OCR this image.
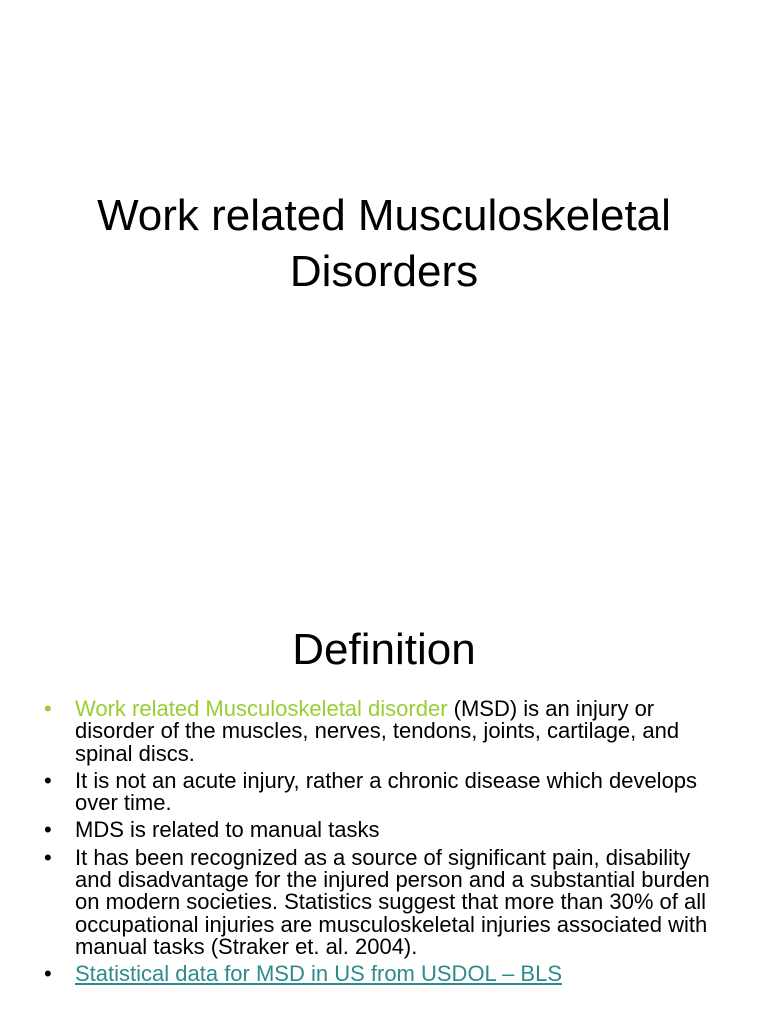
Work related Musculoskeletal
Disorders
Definition
• Work related Musculoskeletal disorder (MSD) is an injury or disorder of the muscles, nerves, tendons, joints, cartilage, and spinal discs.
• It is not an acute injury, rather a chronic disease which develops over time.
• MDS is related to manual tasks
• It has been recognized as a source of significant pain, disability and disadvantage for the injured person and a substantial burden on modern societies. Statistics suggest that more than 30% of all occupational injuries are musculoskeletal injuries associated with manual tasks (Straker et. al. 2004).
• Statistical data for MSD in US from USDOL – BLS
